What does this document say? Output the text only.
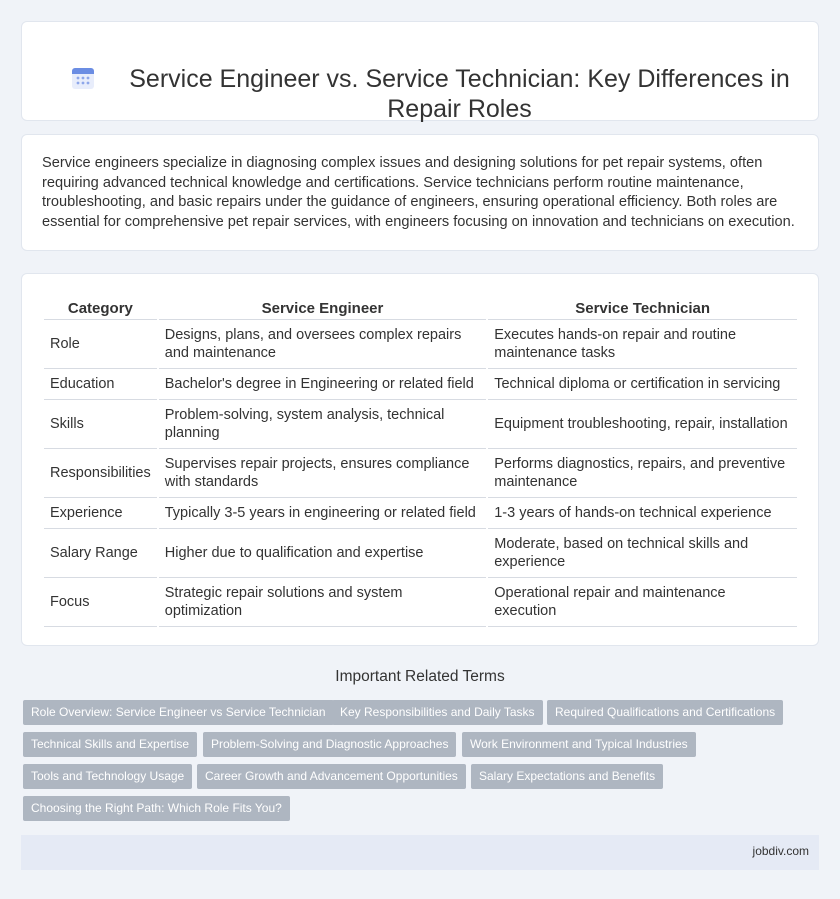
Service Engineer vs. Service Technician: Key Differences in Repair Roles

Service engineers specialize in diagnosing complex issues and designing solutions for pet repair systems, often requiring advanced technical knowledge and certifications. Service technicians perform routine maintenance, troubleshooting, and basic repairs under the guidance of engineers, ensuring operational efficiency. Both roles are essential for comprehensive pet repair services, with engineers focusing on innovation and technicians on execution.

Category	Service Engineer	Service Technician
Role	Designs, plans, and oversees complex repairs and maintenance	Executes hands-on repair and routine maintenance tasks
Education	Bachelor's degree in Engineering or related field	Technical diploma or certification in servicing
Skills	Problem-solving, system analysis, technical planning	Equipment troubleshooting, repair, installation
Responsibilities	Supervises repair projects, ensures compliance with standards	Performs diagnostics, repairs, and preventive maintenance
Experience	Typically 3-5 years in engineering or related field	1-3 years of hands-on technical experience
Salary Range	Higher due to qualification and expertise	Moderate, based on technical skills and experience
Focus	Strategic repair solutions and system optimization	Operational repair and maintenance execution
Important Related Terms
Role Overview: Service Engineer vs Service Technician	Key Responsibilities and Daily Tasks	Required Qualifications and Certifications
Technical Skills and Expertise	Problem-Solving and Diagnostic Approaches	Work Environment and Typical Industries
Tools and Technology Usage	Career Growth and Advancement Opportunities	Salary Expectations and Benefits
Choosing the Right Path: Which Role Fits You?
jobdiv.com
